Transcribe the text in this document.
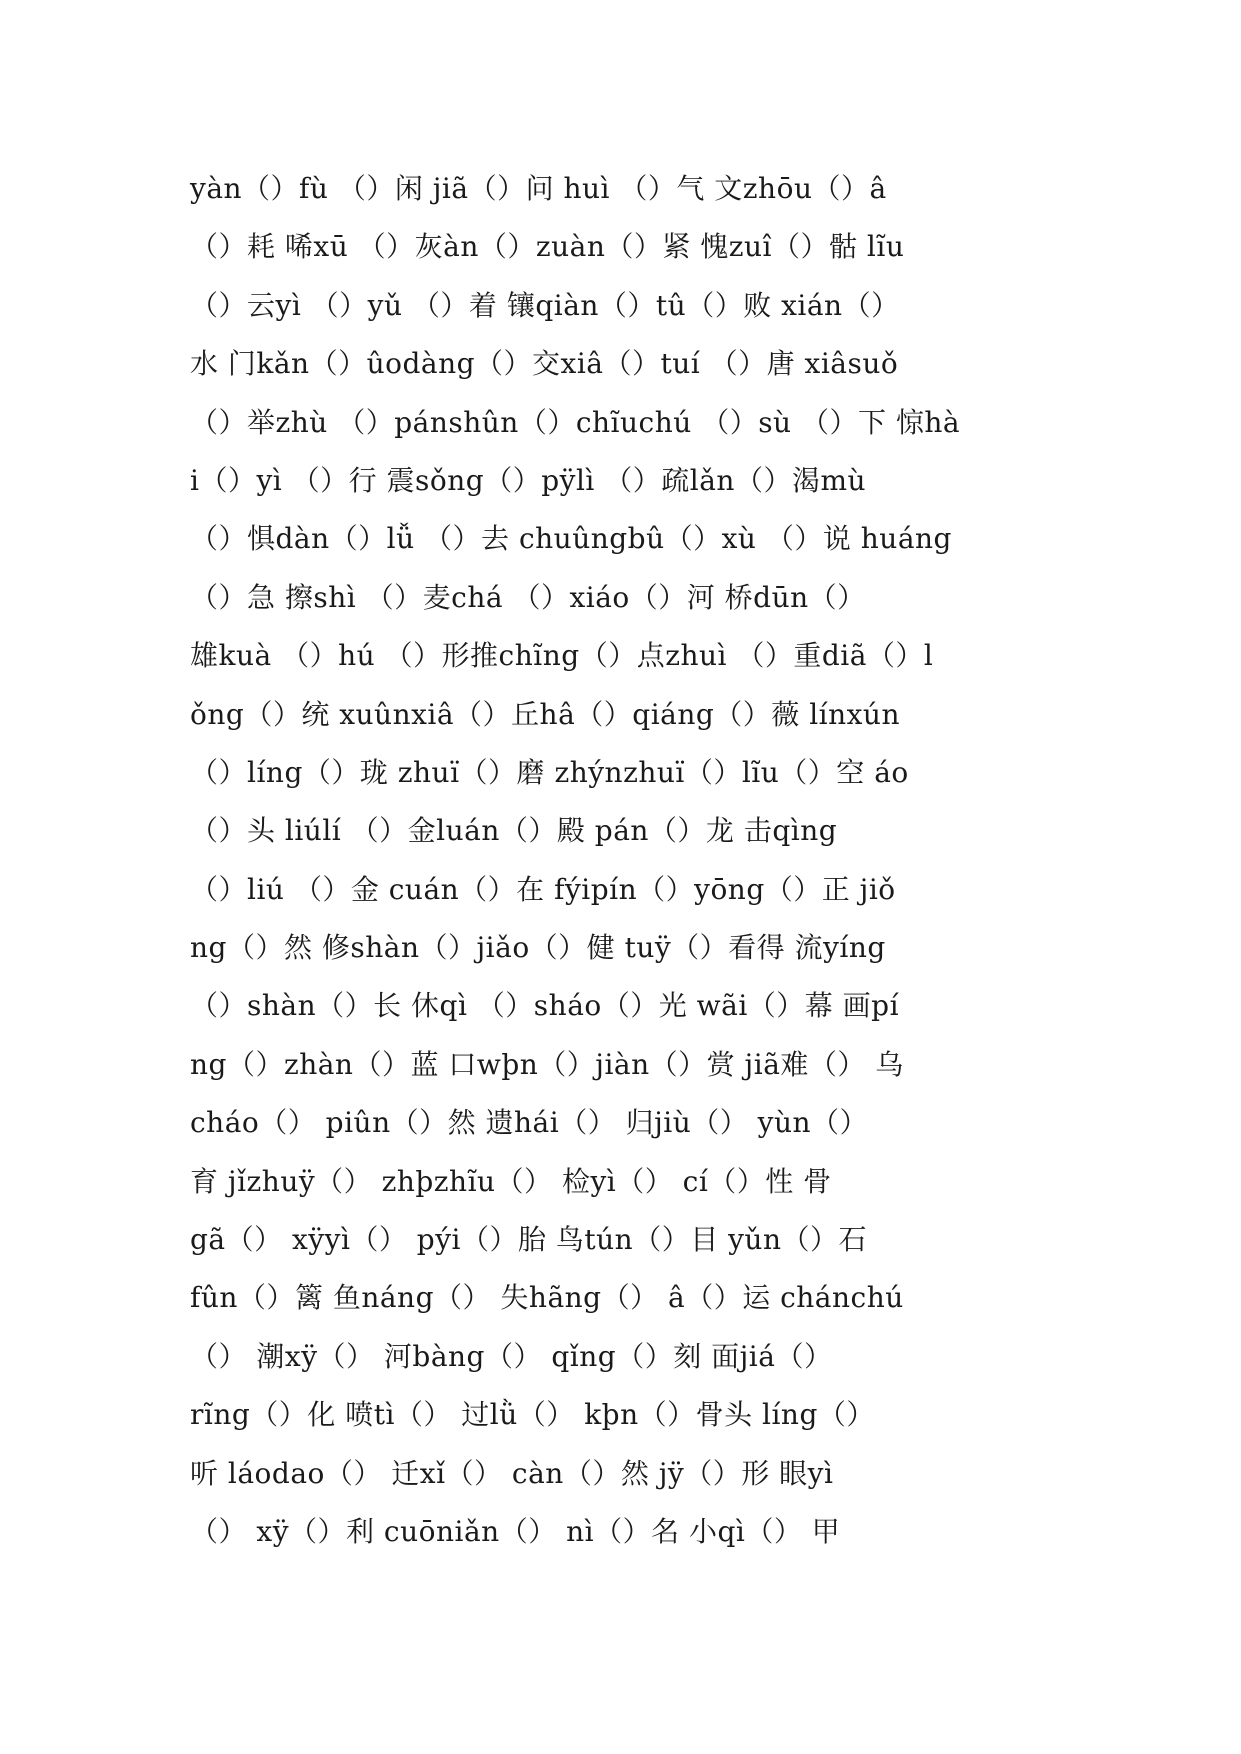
yàn（）fù （）闲 jiã（）问 huì （）气 文zhōu（）â
（）耗 唏xū （）灰àn（）zuàn（）紧 愧zuî（）骷 lĩu
（）云yì （）yǔ （）着 镶qiàn（）tû（）败 xián（）
水 门kǎn（）ûodàng（）交xiâ（）tuí （）唐 xiâsuǒ
（）举zhù （）pánshûn（）chĩuchú （）sù （）下 惊hà
i（）yì （）行 震sǒng（）pÿlì （）疏lǎn（）渴mù
（）惧dàn（）lǚ （）去 chuûngbû（）xù （）说 huáng
（）急 擦shì （）麦chá （）xiáo（）河 桥dūn（）
雄kuà （）hú （）形推chĩng（）点zhuì （）重diã（）l
ǒng（）统 xuûnxiâ（）丘hâ（）qiáng（）薇 línxún
（）líng（）珑 zhuï（）磨 zhýnzhuï（）lĩu（）空 áo
（）头 liúlí （）金luán（）殿 pán（）龙 击qìng
（）liú （）金 cuán（）在 fýipín（）yōng（）正 jiǒ
ng（）然 修shàn（）jiǎo（）健 tuÿ（）看得 流yíng
（）shàn（）长 休qì （）sháo（）光 wãi（）幕 画pí
ng（）zhàn（）蓝 口wþn（）jiàn（）赏 jiã难（） 乌
cháo（） piûn（）然 遗hái（） 归jiù（） yùn（）
育 jǐzhuÿ（） zhþzhĩu（） 检yì（） cí（）性 骨
gã（） xÿyì（） pýi（）胎 鸟tún（）目 yǔn（）石
fûn（）篱 鱼náng（） 失hãng（） â（）运 chánchú
（） 潮xÿ（） 河bàng（） qǐng（）刻 面jiá（）
rĩng（）化 喷tì（） 过lǜ（） kþn（）骨头 líng（）
听 láodao（） 迁xǐ（） càn（）然 jÿ（）形 眼yì
（） xÿ（）利 cuōniǎn（） nì（）名 小qì（） 甲
